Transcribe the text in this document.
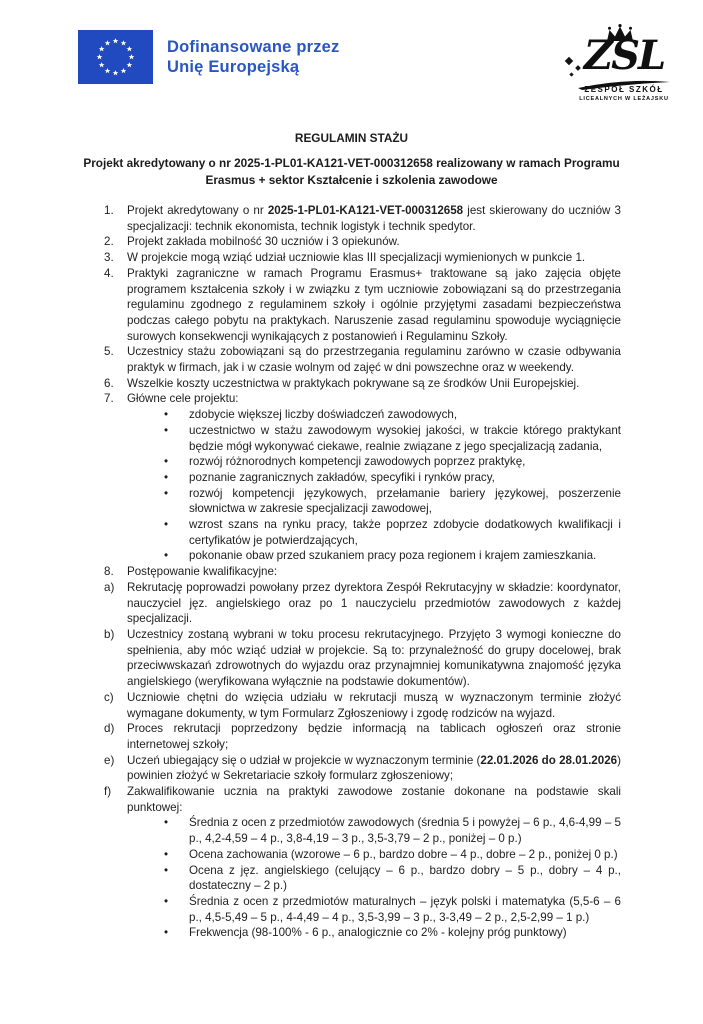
Dofinansowane przez
Unię Europejską	ZSL
ZESPÓŁ SZKÓŁ
LICEALNYCH W LEŻAJSKU
REGULAMIN STAŻU
Projekt akredytowany o nr 2025-1-PL01-KA121-VET-000312658 realizowany w ramach Programu Erasmus + sektor Kształcenie i szkolenia zawodowe
1. Projekt akredytowany o nr 2025-1-PL01-KA121-VET-000312658 jest skierowany do uczniów 3 specjalizacji: technik ekonomista, technik logistyk i technik spedytor.
2. Projekt zakłada mobilność 30 uczniów i 3 opiekunów.
3. W projekcie mogą wziąć udział uczniowie klas III specjalizacji wymienionych w punkcie 1.
4. Praktyki zagraniczne w ramach Programu Erasmus+ traktowane są jako zajęcia objęte programem kształcenia szkoły i w związku z tym uczniowie zobowiązani są do przestrzegania regulaminu zgodnego z regulaminem szkoły i ogólnie przyjętymi zasadami bezpieczeństwa podczas całego pobytu na praktykach. Naruszenie zasad regulaminu spowoduje wyciągnięcie surowych konsekwencji wynikających z postanowień i Regulaminu Szkoły.
5. Uczestnicy stażu zobowiązani są do przestrzegania regulaminu zarówno w czasie odbywania praktyk w firmach, jak i w czasie wolnym od zajęć w dni powszechne oraz w weekendy.
6. Wszelkie koszty uczestnictwa w praktykach pokrywane są ze środków Unii Europejskiej.
7. Główne cele projektu:
• zdobycie większej liczby doświadczeń zawodowych,
• uczestnictwo w stażu zawodowym wysokiej jakości, w trakcie którego praktykant będzie mógł wykonywać ciekawe, realnie związane z jego specjalizacją zadania,
• rozwój różnorodnych kompetencji zawodowych poprzez praktykę,
• poznanie zagranicznych zakładów, specyfiki i rynków pracy,
• rozwój kompetencji językowych, przełamanie bariery językowej, poszerzenie słownictwa w zakresie specjalizacji zawodowej,
• wzrost szans na rynku pracy, także poprzez zdobycie dodatkowych kwalifikacji i certyfikatów je potwierdzających,
• pokonanie obaw przed szukaniem pracy poza regionem i krajem zamieszkania.
8. Postępowanie kwalifikacyjne:
a) Rekrutację poprowadzi powołany przez dyrektora Zespół Rekrutacyjny w składzie: koordynator, nauczyciel jęz. angielskiego oraz po 1 nauczycielu przedmiotów zawodowych z każdej specjalizacji.
b) Uczestnicy zostaną wybrani w toku procesu rekrutacyjnego. Przyjęto 3 wymogi konieczne do spełnienia, aby móc wziąć udział w projekcie. Są to: przynależność do grupy docelowej, brak przeciwwskazań zdrowotnych do wyjazdu oraz przynajmniej komunikatywna znajomość języka angielskiego (weryfikowana wyłącznie na podstawie dokumentów).
c) Uczniowie chętni do wzięcia udziału w rekrutacji muszą w wyznaczonym terminie złożyć wymagane dokumenty, w tym Formularz Zgłoszeniowy i zgodę rodziców na wyjazd.
d) Proces rekrutacji poprzedzony będzie informacją na tablicach ogłoszeń oraz stronie internetowej szkoły;
e) Uczeń ubiegający się o udział w projekcie w wyznaczonym terminie (22.01.2026 do 28.01.2026) powinien złożyć w Sekretariacie szkoły formularz zgłoszeniowy;
f) Zakwalifikowanie ucznia na praktyki zawodowe zostanie dokonane na podstawie skali punktowej:
• Średnia z ocen z przedmiotów zawodowych (średnia 5 i powyżej – 6 p., 4,6-4,99 – 5 p., 4,2-4,59 – 4 p., 3,8-4,19 – 3 p., 3,5-3,79 – 2 p., poniżej – 0 p.)
• Ocena zachowania (wzorowe – 6 p., bardzo dobre – 4 p., dobre – 2 p., poniżej 0 p.)
• Ocena z jęz. angielskiego (celujący – 6 p., bardzo dobry – 5 p., dobry – 4 p., dostateczny – 2 p.)
• Średnia z ocen z przedmiotów maturalnych – język polski i matematyka (5,5-6 – 6 p., 4,5-5,49 – 5 p., 4-4,49 – 4 p., 3,5-3,99 – 3 p., 3-3,49 – 2 p., 2,5-2,99 – 1 p.)
• Frekwencja (98-100% - 6 p., analogicznie co 2% - kolejny próg punktowy)
